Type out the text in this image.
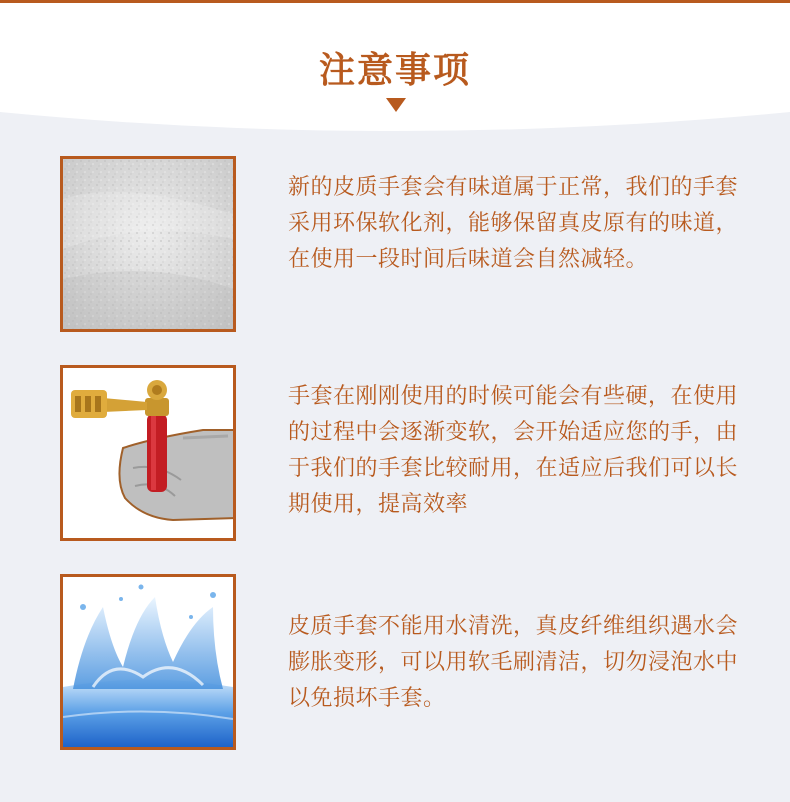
注意事项
新的皮质手套会有味道属于正常，我们的手套采用环保软化剂，能够保留真皮原有的味道，在使用一段时间后味道会自然减轻。
手套在刚刚使用的时候可能会有些硬，在使用的过程中会逐渐变软，会开始适应您的手，由于我们的手套比较耐用，在适应后我们可以长期使用，提高效率
皮质手套不能用水清洗，真皮纤维组织遇水会膨胀变形，可以用软毛刷清洁，切勿浸泡水中以免损坏手套。
